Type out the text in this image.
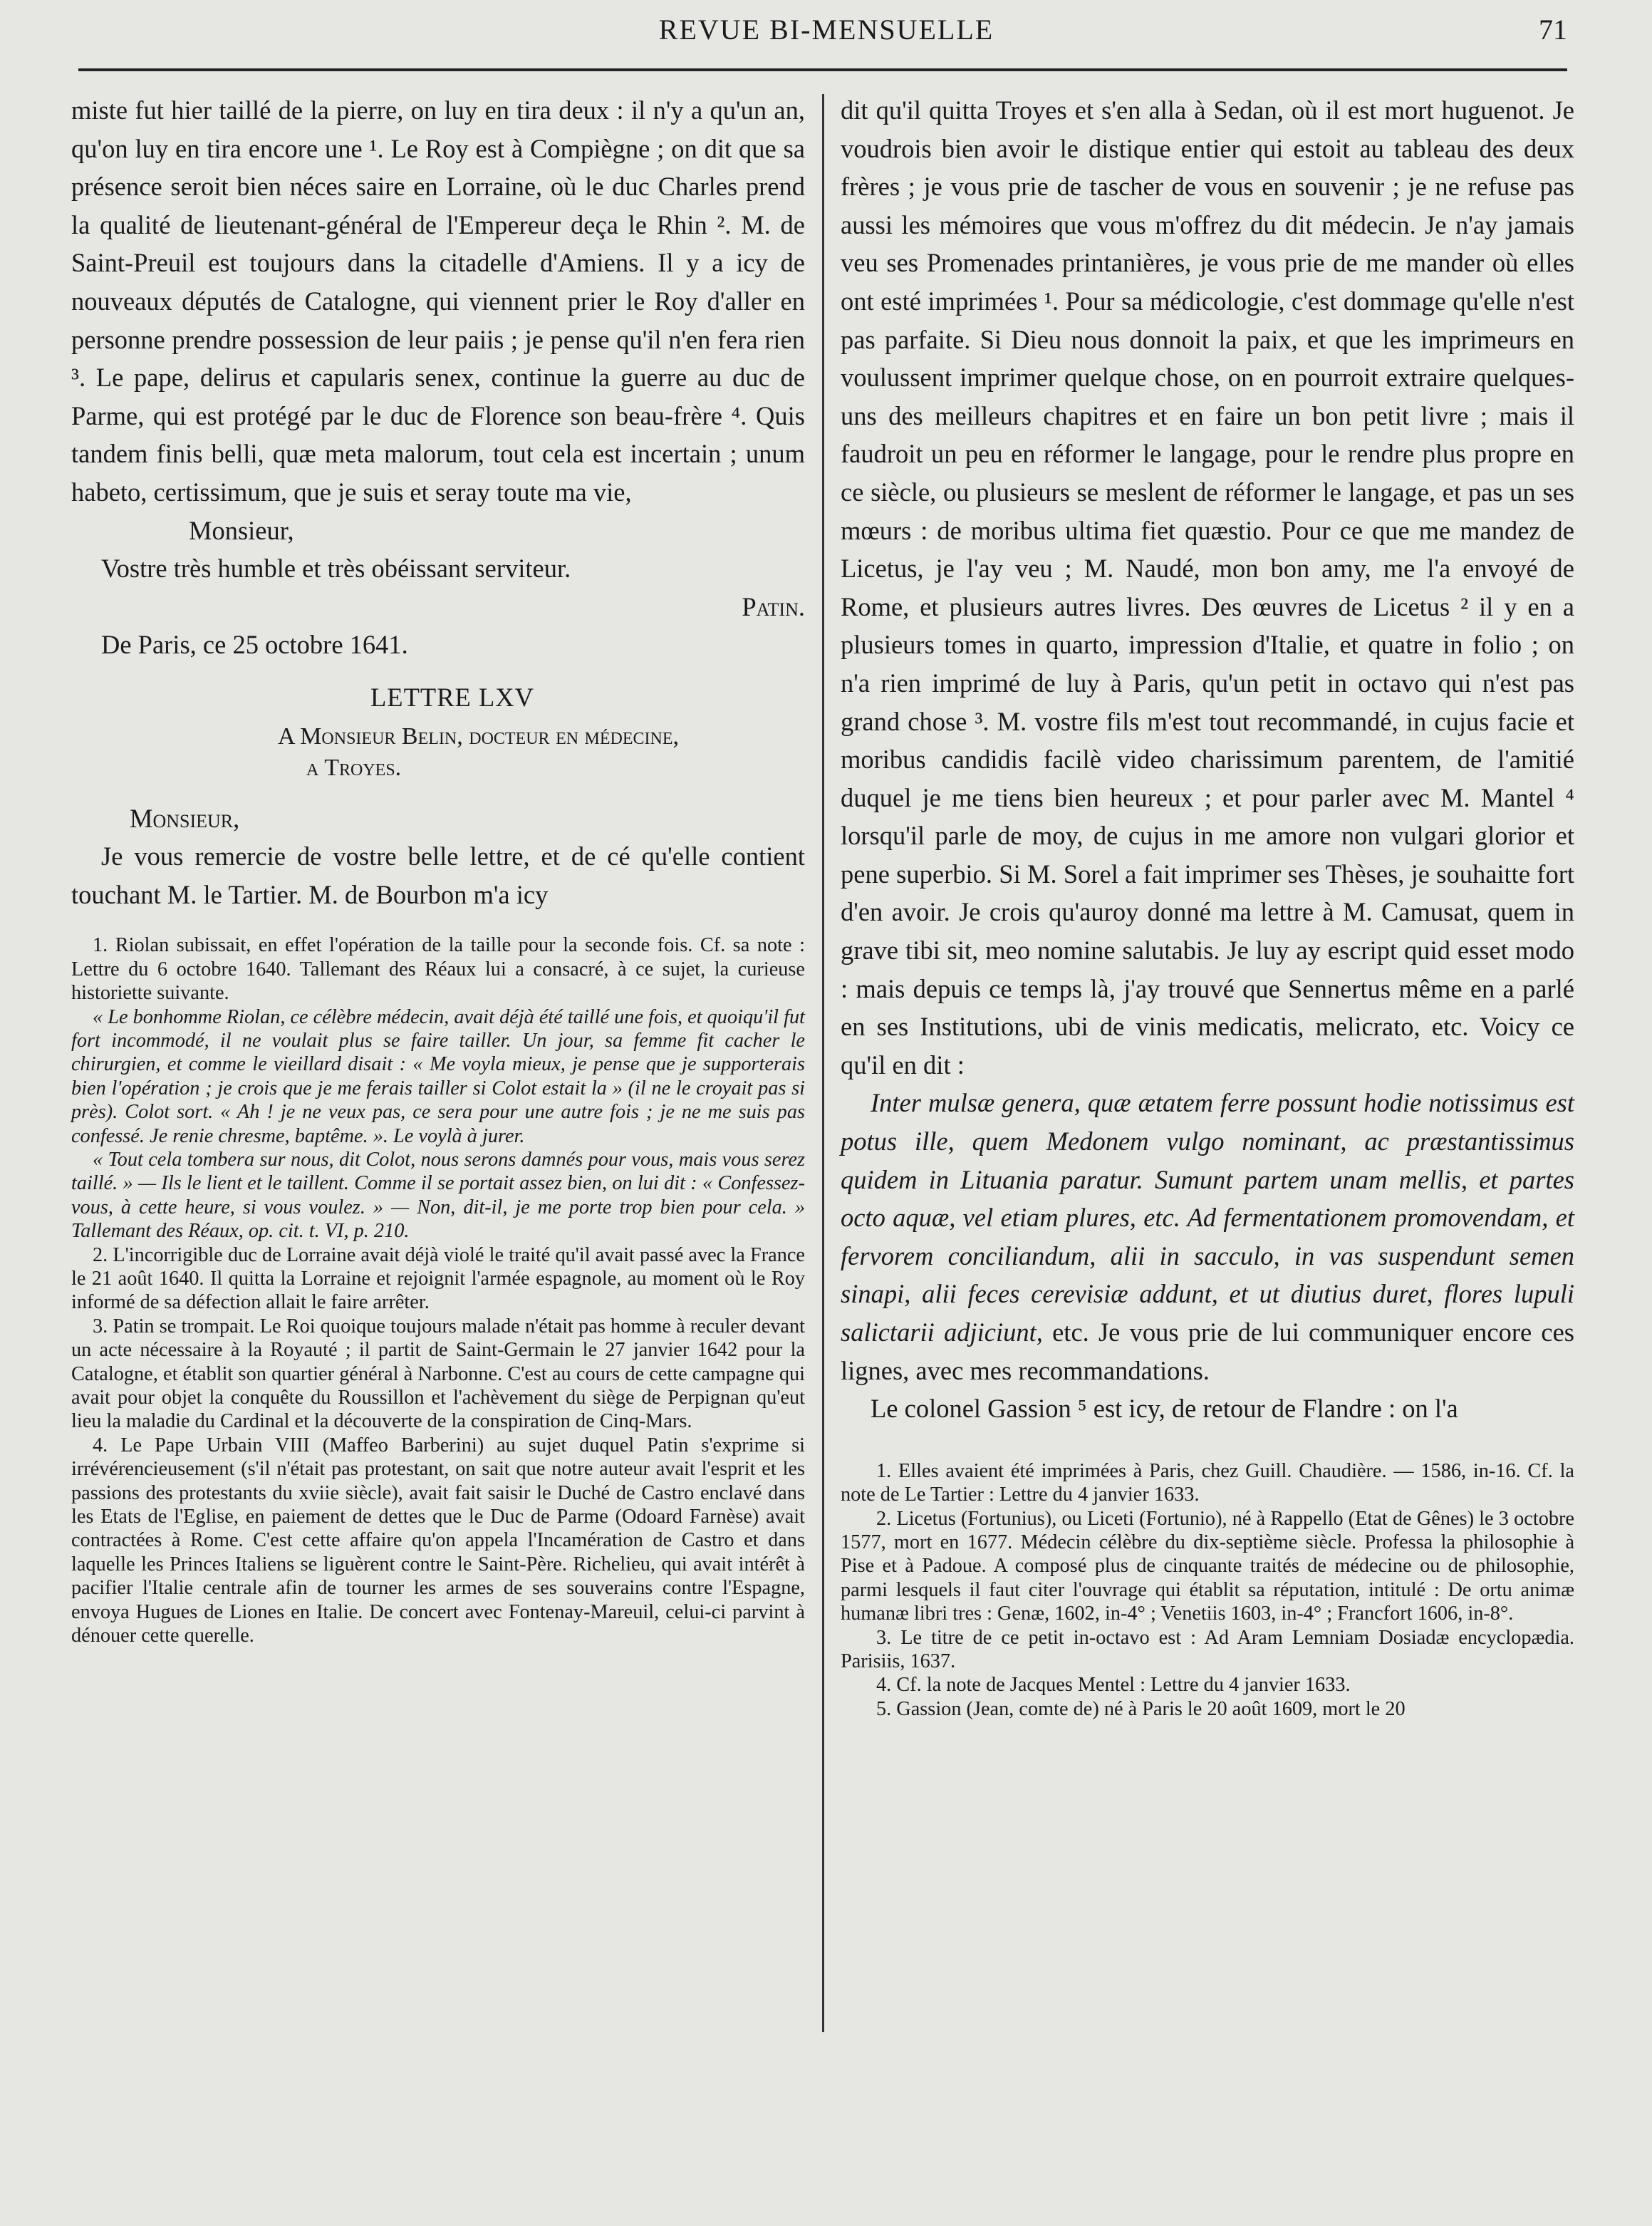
REVUE BI-MENSUELLE	71

miste fut hier taillé de la pierre, on luy en tira deux : il n'y a qu'un an, qu'on luy en tira encore une ¹. Le Roy est à Compiègne ; on dit que sa présence seroit bien néces saire en Lorraine, où le duc Charles prend la qualité de lieutenant-général de l'Empereur deça le Rhin ². M. de Saint-Preuil est toujours dans la citadelle d'Amiens. Il y a icy de nouveaux députés de Catalogne, qui viennent prier le Roy d'aller en personne prendre possession de leur paiis ; je pense qu'il n'en fera rien ³. Le pape, delirus et capularis senex, continue la guerre au duc de Parme, qui est protégé par le duc de Florence son beau-frère ⁴. Quis tandem finis belli, quæ meta malorum, tout cela est incertain ; unum habeto, certissimum, que je suis et seray toute ma vie,

Monsieur,

Vostre très humble et très obéissant serviteur.

Patin.

De Paris, ce 25 octobre 1641.

LETTRE LXV
A Monsieur Belin, docteur en médecine,
a Troyes.

Monsieur,

Je vous remercie de vostre belle lettre, et de cé qu'elle contient touchant M. le Tartier. M. de Bourbon m'a icy

1. Riolan subissait, en effet l'opération de la taille pour la seconde fois. Cf. sa note : Lettre du 6 octobre 1640. Tallemant des Réaux lui a consacré, à ce sujet, la curieuse historiette suivante.

« Le bonhomme Riolan, ce célèbre médecin, avait déjà été taillé une fois, et quoiqu'il fut fort incommodé, il ne voulait plus se faire tailler. Un jour, sa femme fit cacher le chirurgien, et comme le vieillard disait : « Me voyla mieux, je pense que je supporterais bien l'opération ; je crois que je me ferais tailler si Colot estait la » (il ne le croyait pas si près). Colot sort. « Ah ! je ne veux pas, ce sera pour une autre fois ; je ne me suis pas confessé. Je renie chresme, baptême. ». Le voylà à jurer.

« Tout cela tombera sur nous, dit Colot, nous serons damnés pour vous, mais vous serez taillé. » — Ils le lient et le taillent. Comme il se portait assez bien, on lui dit : « Confessez-vous, à cette heure, si vous voulez. » — Non, dit-il, je me porte trop bien pour cela. » Tallemant des Réaux, op. cit. t. VI, p. 210.

2. L'incorrigible duc de Lorraine avait déjà violé le traité qu'il avait passé avec la France le 21 août 1640. Il quitta la Lorraine et rejoignit l'armée espagnole, au moment où le Roy informé de sa défection allait le faire arrêter.

3. Patin se trompait. Le Roi quoique toujours malade n'était pas homme à reculer devant un acte nécessaire à la Royauté ; il partit de Saint-Germain le 27 janvier 1642 pour la Catalogne, et établit son quartier général à Narbonne. C'est au cours de cette campagne qui avait pour objet la conquête du Roussillon et l'achèvement du siège de Perpignan qu'eut lieu la maladie du Cardinal et la découverte de la conspiration de Cinq-Mars.

4. Le Pape Urbain VIII (Maffeo Barberini) au sujet duquel Patin s'exprime si irrévérencieusement (s'il n'était pas protestant, on sait que notre auteur avait l'esprit et les passions des protestants du xviie siècle), avait fait saisir le Duché de Castro enclavé dans les Etats de l'Eglise, en paiement de dettes que le Duc de Parme (Odoard Farnèse) avait contractées à Rome. C'est cette affaire qu'on appela l'Incamération de Castro et dans laquelle les Princes Italiens se liguèrent contre le Saint-Père. Richelieu, qui avait intérêt à pacifier l'Italie centrale afin de tourner les armes de ses souverains contre l'Espagne, envoya Hugues de Liones en Italie. De concert avec Fontenay-Mareuil, celui-ci parvint à dénouer cette querelle.

dit qu'il quitta Troyes et s'en alla à Sedan, où il est mort huguenot. Je voudrois bien avoir le distique entier qui estoit au tableau des deux frères ; je vous prie de tascher de vous en souvenir ; je ne refuse pas aussi les mémoires que vous m'offrez du dit médecin. Je n'ay jamais veu ses Promenades printanières, je vous prie de me mander où elles ont esté imprimées ¹. Pour sa médicologie, c'est dommage qu'elle n'est pas parfaite. Si Dieu nous donnoit la paix, et que les imprimeurs en voulussent imprimer quelque chose, on en pourroit extraire quelques-uns des meilleurs chapitres et en faire un bon petit livre ; mais il faudroit un peu en réformer le langage, pour le rendre plus propre en ce siècle, ou plusieurs se meslent de réformer le langage, et pas un ses mœurs : de moribus ultima fiet quæstio. Pour ce que me mandez de Licetus, je l'ay veu ; M. Naudé, mon bon amy, me l'a envoyé de Rome, et plusieurs autres livres. Des œuvres de Licetus ² il y en a plusieurs tomes in quarto, impression d'Italie, et quatre in folio ; on n'a rien imprimé de luy à Paris, qu'un petit in octavo qui n'est pas grand chose ³. M. vostre fils m'est tout recommandé, in cujus facie et moribus candidis facilè video charissimum parentem, de l'amitié duquel je me tiens bien heureux ; et pour parler avec M. Mantel ⁴ lorsqu'il parle de moy, de cujus in me amore non vulgari glorior et pene superbio. Si M. Sorel a fait imprimer ses Thèses, je souhaitte fort d'en avoir. Je crois qu'auroy donné ma lettre à M. Camusat, quem in grave tibi sit, meo nomine salutabis. Je luy ay escript quid esset modo : mais depuis ce temps là, j'ay trouvé que Sennertus même en a parlé en ses Institutions, ubi de vinis medicatis, melicrato, etc. Voicy ce qu'il en dit :

Inter mulsæ genera, quæ ætatem ferre possunt hodie notissimus est potus ille, quem Medonem vulgo nominant, ac præstantissimus quidem in Lituania paratur. Sumunt partem unam mellis, et partes octo aquæ, vel etiam plures, etc. Ad fermentationem promovendam, et fervorem conciliandum, alii in sacculo, in vas suspendunt semen sinapi, alii feces cerevisiæ addunt, et ut diutius duret, flores lupuli salictarii adjiciunt, etc. Je vous prie de lui communiquer encore ces lignes, avec mes recommandations.

Le colonel Gassion ⁵ est icy, de retour de Flandre : on l'a

1. Elles avaient été imprimées à Paris, chez Guill. Chaudière. — 1586, in-16. Cf. la note de Le Tartier : Lettre du 4 janvier 1633.

2. Licetus (Fortunius), ou Liceti (Fortunio), né à Rappello (Etat de Gênes) le 3 octobre 1577, mort en 1677. Médecin célèbre du dix-septième siècle. Professa la philosophie à Pise et à Padoue. A composé plus de cinquante traités de médecine ou de philosophie, parmi lesquels il faut citer l'ouvrage qui établit sa réputation, intitulé : De ortu animæ humanæ libri tres : Genæ, 1602, in-4° ; Venetiis 1603, in-4° ; Francfort 1606, in-8°.

3. Le titre de ce petit in-octavo est : Ad Aram Lemniam Dosiadæ encyclopædia. Parisiis, 1637.

4. Cf. la note de Jacques Mentel : Lettre du 4 janvier 1633.

5. Gassion (Jean, comte de) né à Paris le 20 août 1609, mort le 20
